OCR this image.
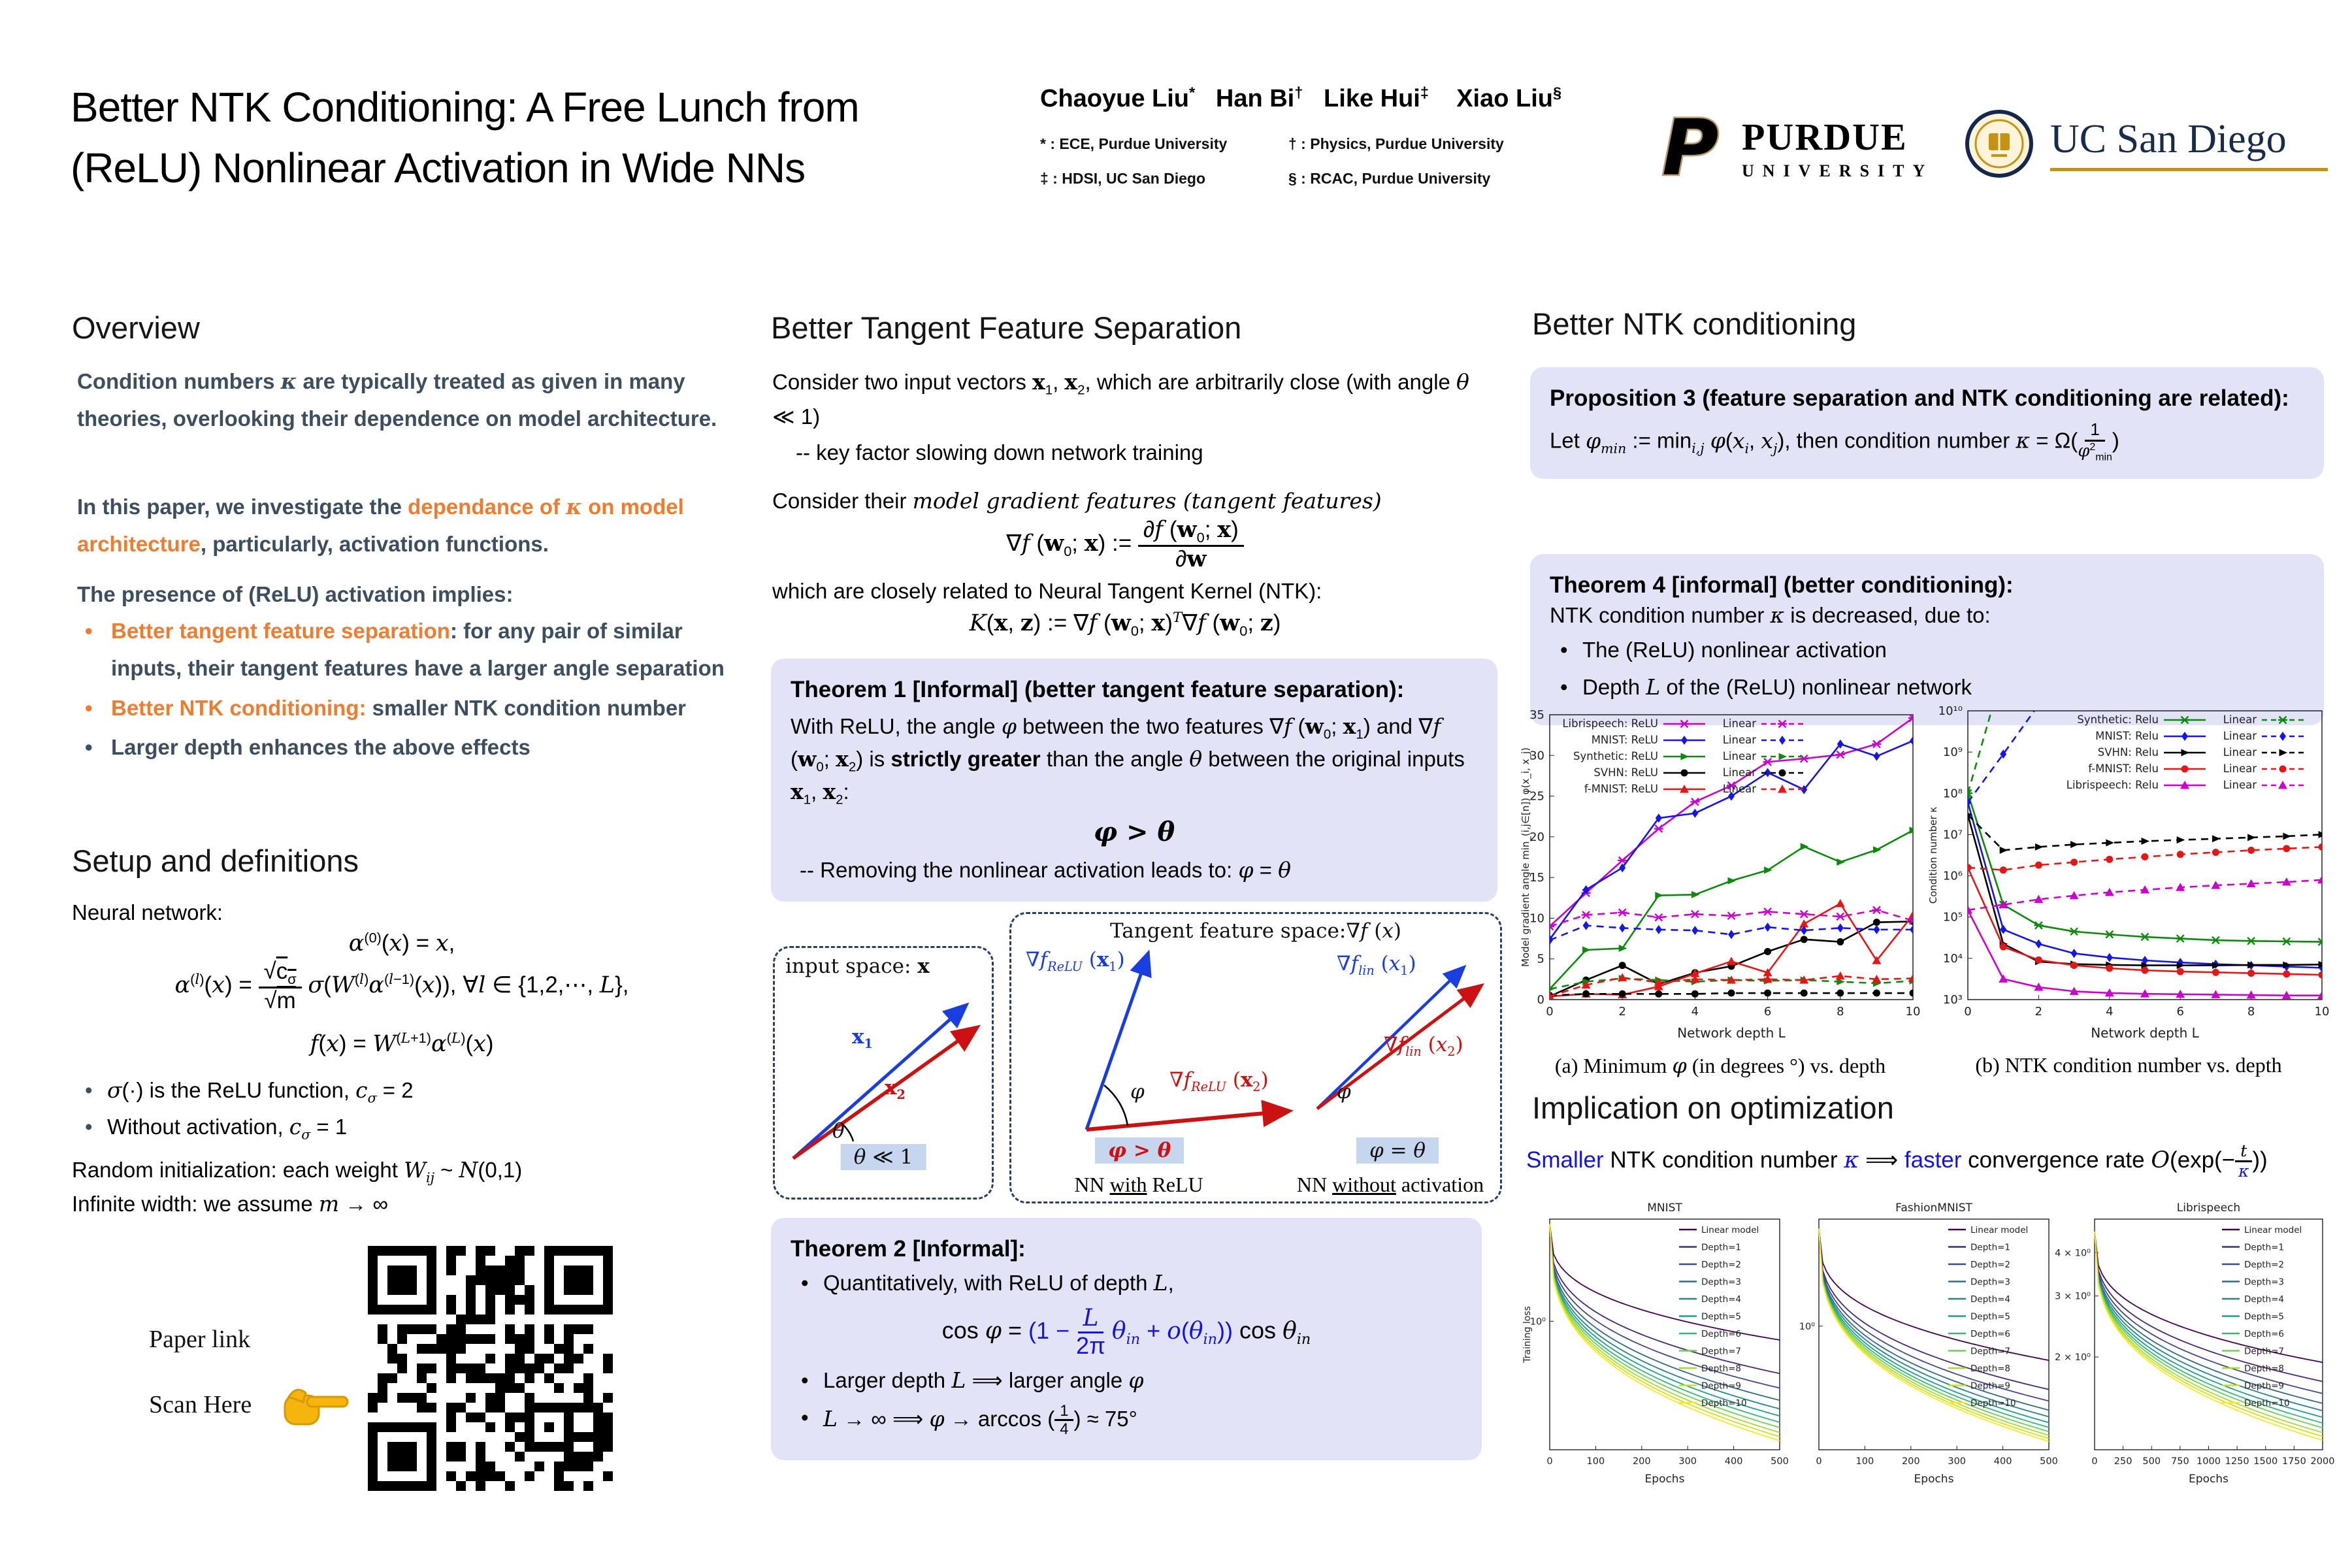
Better NTK Conditioning: A Free Lunch from
(ReLU) Nonlinear Activation in Wide NNs
Chaoyue Liu* Han Bi† Like Hui‡ Xiao Liu§
* : ECE, Purdue University	† : Physics, Purdue University
‡ : HDSI, UC San Diego	§ : RCAC, Purdue University	P PURDUE
UNIVERSITY
UC San Diego
Overview
Condition numbers κ are typically treated as given in many theories, overlooking their dependence on model architecture.
In this paper, we investigate the dependance of κ on model architecture, particularly, activation functions.
The presence of (ReLU) activation implies:
• Better tangent feature separation: for any pair of similar inputs, their tangent features have a larger angle separation
• Better NTK conditioning: smaller NTK condition number
• Larger depth enhances the above effects
Setup and definitions
Neural network:
$\alpha^{(0)}(x) = x$,
$\alpha^{(l)}(x) = \frac{√c_\sigma}{√m} \sigma(W^{(l)}\alpha^{(l-1)}(x))$, ∀l ∈ {1,2,⋯, L},
$f(x) = W^{(L+1)}\alpha^{(L)}(x)$
• σ(·) is the ReLU function, $c_\sigma = 2$
• Without activation, $c_\sigma = 1$
Random initialization: each weight $W_{ij}$ ~ N(0,1)
Infinite width: we assume m → ∞
Paper link
Scan Here
Better Tangent Feature Separation
Consider two input vectors $x_1$, $x_2$, which are arbitrarily close (with angle θ ≪ 1)
-- key factor slowing down network training
Consider their model gradient features (tangent features)
∇f ($w_0$; x) := $\frac{\partial f (w_0; x)}{\partial w}$
which are closely related to Neural Tangent Kernel (NTK):
K(x, z) := ∇f ($w_0$; x)$^T$∇f ($w_0$; z)
Theorem 1 [Informal] (better tangent feature separation):
With ReLU, the angle φ between the two features ∇f ($w_0$; $x_1$) and ∇f ($w_0$; $x_2$) is strictly greater than the angle θ between the original inputs $x_1$, $x_2$:
φ > θ
-- Removing the nonlinear activation leads to: φ = θ
input space: x
$x_1$
$x_2$
θ
θ ≪ 1
Tangent feature space:∇f (x)
$\nabla f_{ReLU}$ $(x_1)$
$\nabla f_{ReLU}$ $(x_2)$
φ
φ > θ
NN with ReLU
$\nabla f_{lin}$ $(x_1)$
$\nabla f_{lin}$ $(x_2)$
φ
φ = θ
NN without activation
Theorem 2 [Informal]:
• Quantitatively, with ReLU of depth L,
$\cos \varphi = (1 - \frac{L}{2\pi} \theta_{in} + o(\theta_{in}))$ $\cos \theta_{in}$
• Larger depth L ⟹ larger angle φ
• L → ∞ ⟹ φ → arccos ( $\frac{1}{4}$ ) ≈ 75°
Better NTK conditioning
Proposition 3 (feature separation and NTK conditioning are related):
Let $\varphi_{min}$ := $\min_{i,j} \varphi(x_i$, $x_j$), then condition number $\kappa = \Omega( \frac{1}{\varphi^2_{min}}$ )
Theorem 4 [informal] (better conditioning):
NTK condition number κ is decreased, due to:
• The (ReLU) nonlinear activation
• Depth L of the (ReLU) nonlinear network
0	2	4	6	8	10
0
5
10
15
20
25
30
35
Network depth L
Model gradient angle min_(i,j∈[n]) φ(x_i, x_j)
Librispeech: ReLU	Linear
MNIST: ReLU	Linear
Synthetic: ReLU	Linear
SVHN: ReLU	Linear
f-MNIST: ReLU	Linear
(a) Minimum φ (in degrees °) vs. depth
0	2	4	6	8	10
10³
10⁴
10⁵
10⁶
10⁷
10⁸
10⁹
10¹⁰
Network depth L
Condition number κ
Synthetic: Relu	Linear
MNIST: Relu	Linear
SVHN: Relu	Linear
f-MNIST: Relu	Linear
Librispeech: Relu	Linear
(b) NTK condition number vs. depth
Implication on optimization
Smaller NTK condition number κ ⟹ faster convergence rate $O(\exp(- \frac{t}{\kappa}$ ))
MNIST
0	100	200	300	400	500
10⁰
Epochs
Training loss
Linear model
Depth=1
Depth=2
Depth=3
Depth=4
Depth=5
Depth=6
Depth=7
Depth=8
Depth=9
Depth=10
FashionMNIST
0	100	200	300	400	500
10⁰
Epochs
Linear model
Depth=1
Depth=2
Depth=3
Depth=4
Depth=5
Depth=6
Depth=7
Depth=8
Depth=9
Depth=10
Librispeech
0 250 500 750 1000 1250 1500 1750 2000
2 × 10⁰
3 × 10⁰
4 × 10⁰
Epochs
Linear model
Depth=1
Depth=2
Depth=3
Depth=4
Depth=5
Depth=6
Depth=7
Depth=8
Depth=9
Depth=10
